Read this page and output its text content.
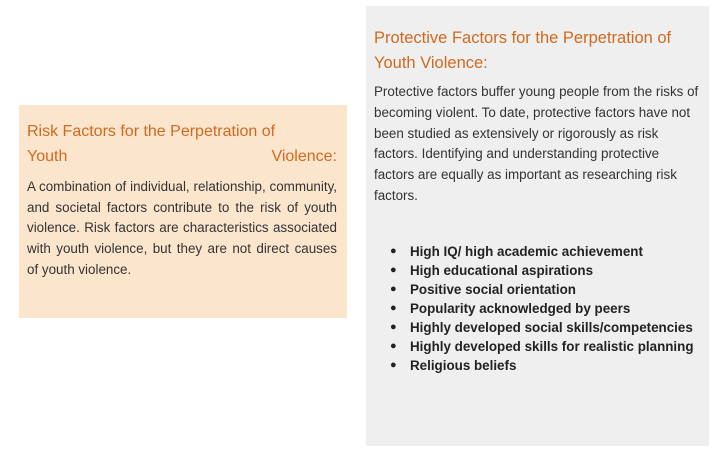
Risk Factors for the Perpetration of
Youth	Violence:

A combination of individual, relationship, community, and societal factors contribute to the risk of youth violence. Risk factors are characteristics associated with youth violence, but they are not direct causes of youth violence.

Protective Factors for the Perpetration of Youth Violence:

Protective factors buffer young people from the risks of becoming violent. To date, protective factors have not been studied as extensively or rigorously as risk factors. Identifying and understanding protective factors are equally as important as researching risk factors.

● High IQ/ high academic achievement
● High educational aspirations
● Positive social orientation
● Popularity acknowledged by peers
● Highly developed social skills/competencies
● Highly developed skills for realistic planning
● Religious beliefs
